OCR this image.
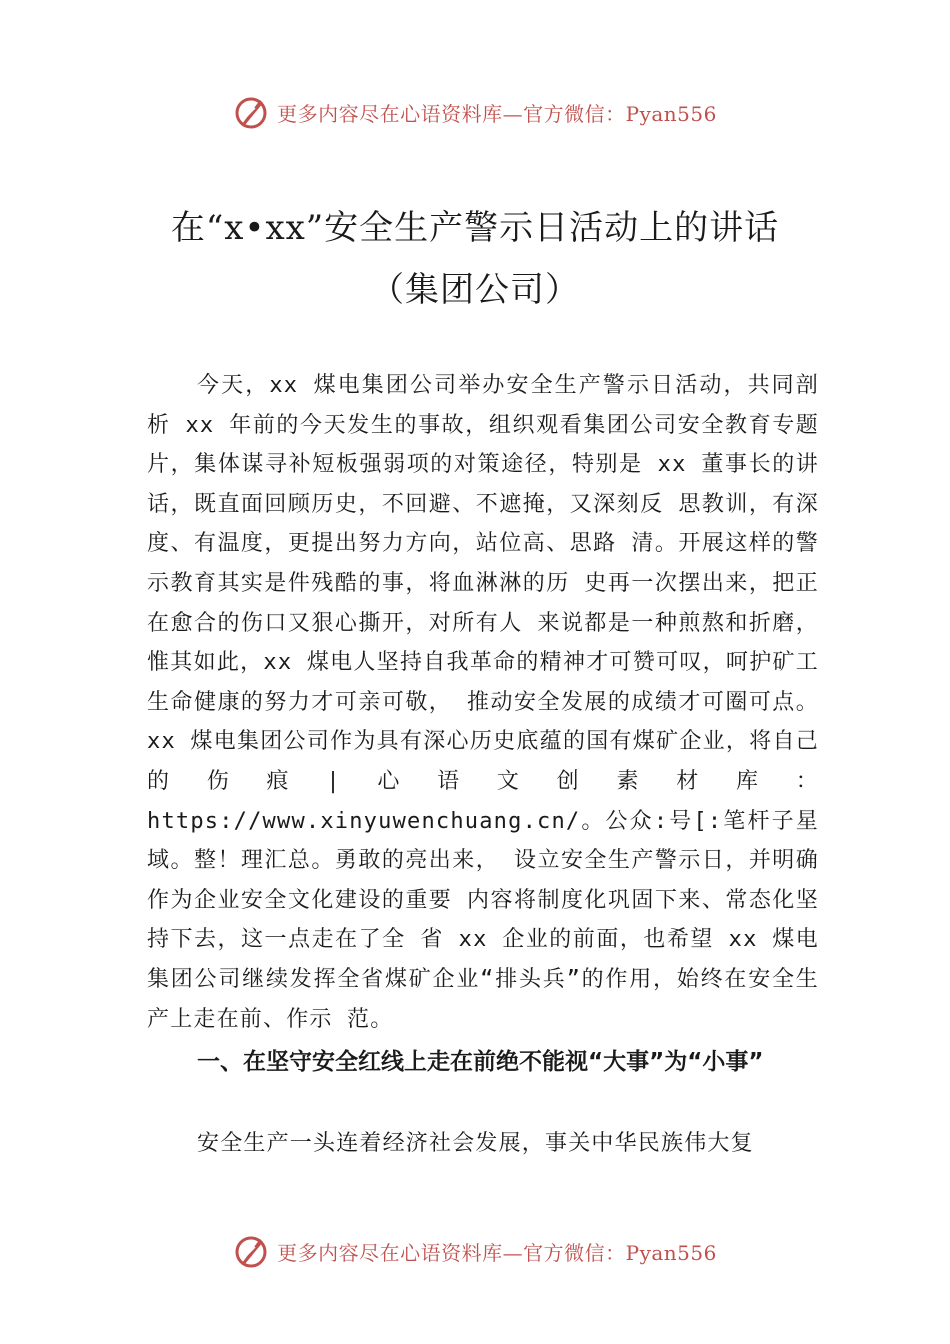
更多内容尽在心语资料库—官方微信：Pyan556
在“x•xx”安全生产警示日活动上的讲话
（集团公司）

今天，xx 煤电集团公司举办安全生产警示日活动，共同剖析 xx 年前的今天发生的事故，组织观看集团公司安全教育专题片，集体谋寻补短板强弱项的对策途径，特别是 xx 董事长的讲话，既直面回顾历史，不回避、不遮掩，又深刻反 思教训，有深度、有温度，更提出努力方向，站位高、思路 清。开展这样的警示教育其实是件残酷的事，将血淋淋的历 史再一次摆出来，把正在愈合的伤口又狠心撕开，对所有人 来说都是一种煎熬和折磨，惟其如此，xx 煤电人坚持自我革命的精神才可赞可叹，呵护矿工生命健康的努力才可亲可敬， 推动安全发展的成绩才可圈可点。xx 煤电集团公司作为具有深心历史底蕴的国有煤矿企业，将自己的伤痕|心语文创素材库：https://www.xinyuwenchuang.cn/。公众:号[:笔杆子星域。整！理汇总。勇敢的亮出来， 设立安全生产警示日，并明确作为企业安全文化建设的重要 内容将制度化巩固下来、常态化坚持下去，这一点走在了全 省 xx 企业的前面，也希望 xx 煤电集团公司继续发挥全省煤矿企业“排头兵”的作用，始终在安全生产上走在前、作示 范。

一、在坚守安全红线上走在前绝不能视“大事”为“小事”

安全生产一头连着经济社会发展，事关中华民族伟大复

更多内容尽在心语资料库—官方微信：Pyan556
